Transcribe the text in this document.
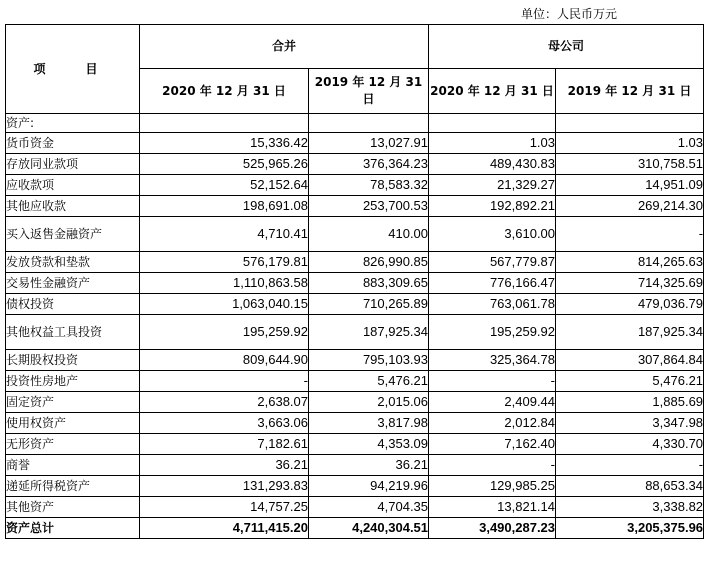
单位：人民币万元
项　目	合并		母公司	
	2020 年 12 月 31 日	2019 年 12 月 31 日	2020 年 12 月 31 日	2019 年 12 月 31 日
资产:				
货币资金	15,336.42	13,027.91	1.03	1.03
存放同业款项	525,965.26	376,364.23	489,430.83	310,758.51
应收款项	52,152.64	78,583.32	21,329.27	14,951.09
其他应收款	198,691.08	253,700.53	192,892.21	269,214.30
买入返售金融资产	4,710.41	410.00	3,610.00	-
发放贷款和垫款	576,179.81	826,990.85	567,779.87	814,265.63
交易性金融资产	1,110,863.58	883,309.65	776,166.47	714,325.69
债权投资	1,063,040.15	710,265.89	763,061.78	479,036.79
其他权益工具投资	195,259.92	187,925.34	195,259.92	187,925.34
长期股权投资	809,644.90	795,103.93	325,364.78	307,864.84
投资性房地产	-	5,476.21	-	5,476.21
固定资产	2,638.07	2,015.06	2,409.44	1,885.69
使用权资产	3,663.06	3,817.98	2,012.84	3,347.98
无形资产	7,182.61	4,353.09	7,162.40	4,330.70
商誉	36.21	36.21	-	-
递延所得税资产	131,293.83	94,219.96	129,985.25	88,653.34
其他资产	14,757.25	4,704.35	13,821.14	3,338.82
资产总计	4,711,415.20	4,240,304.51	3,490,287.23	3,205,375.96
